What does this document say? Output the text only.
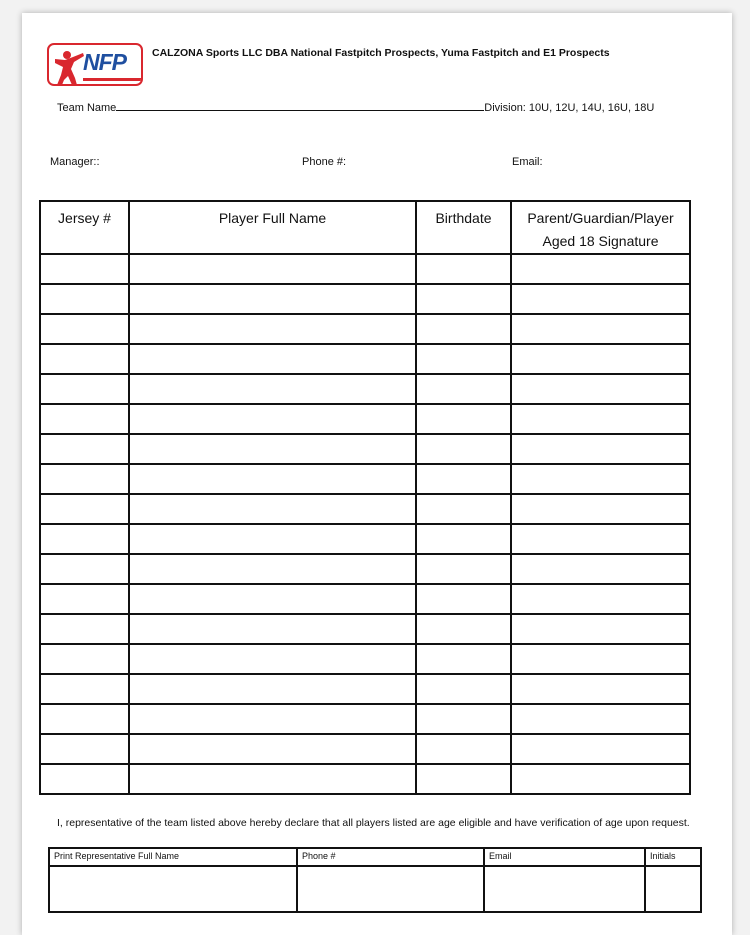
NFP CALZONA Sports LLC DBA National Fastpitch Prospects, Yuma Fastpitch and E1 Prospects
Team Name	Division: 10U, 12U, 14U, 16U, 18U
Manager::	Phone #:	Email:
Jersey #	Player Full Name	Birthdate	Parent/Guardian/Player Aged 18 Signature

I, representative of the team listed above hereby declare that all players listed are age eligible and have verification of age upon request.
Print Representative Full Name	Phone #	Email	Initials
